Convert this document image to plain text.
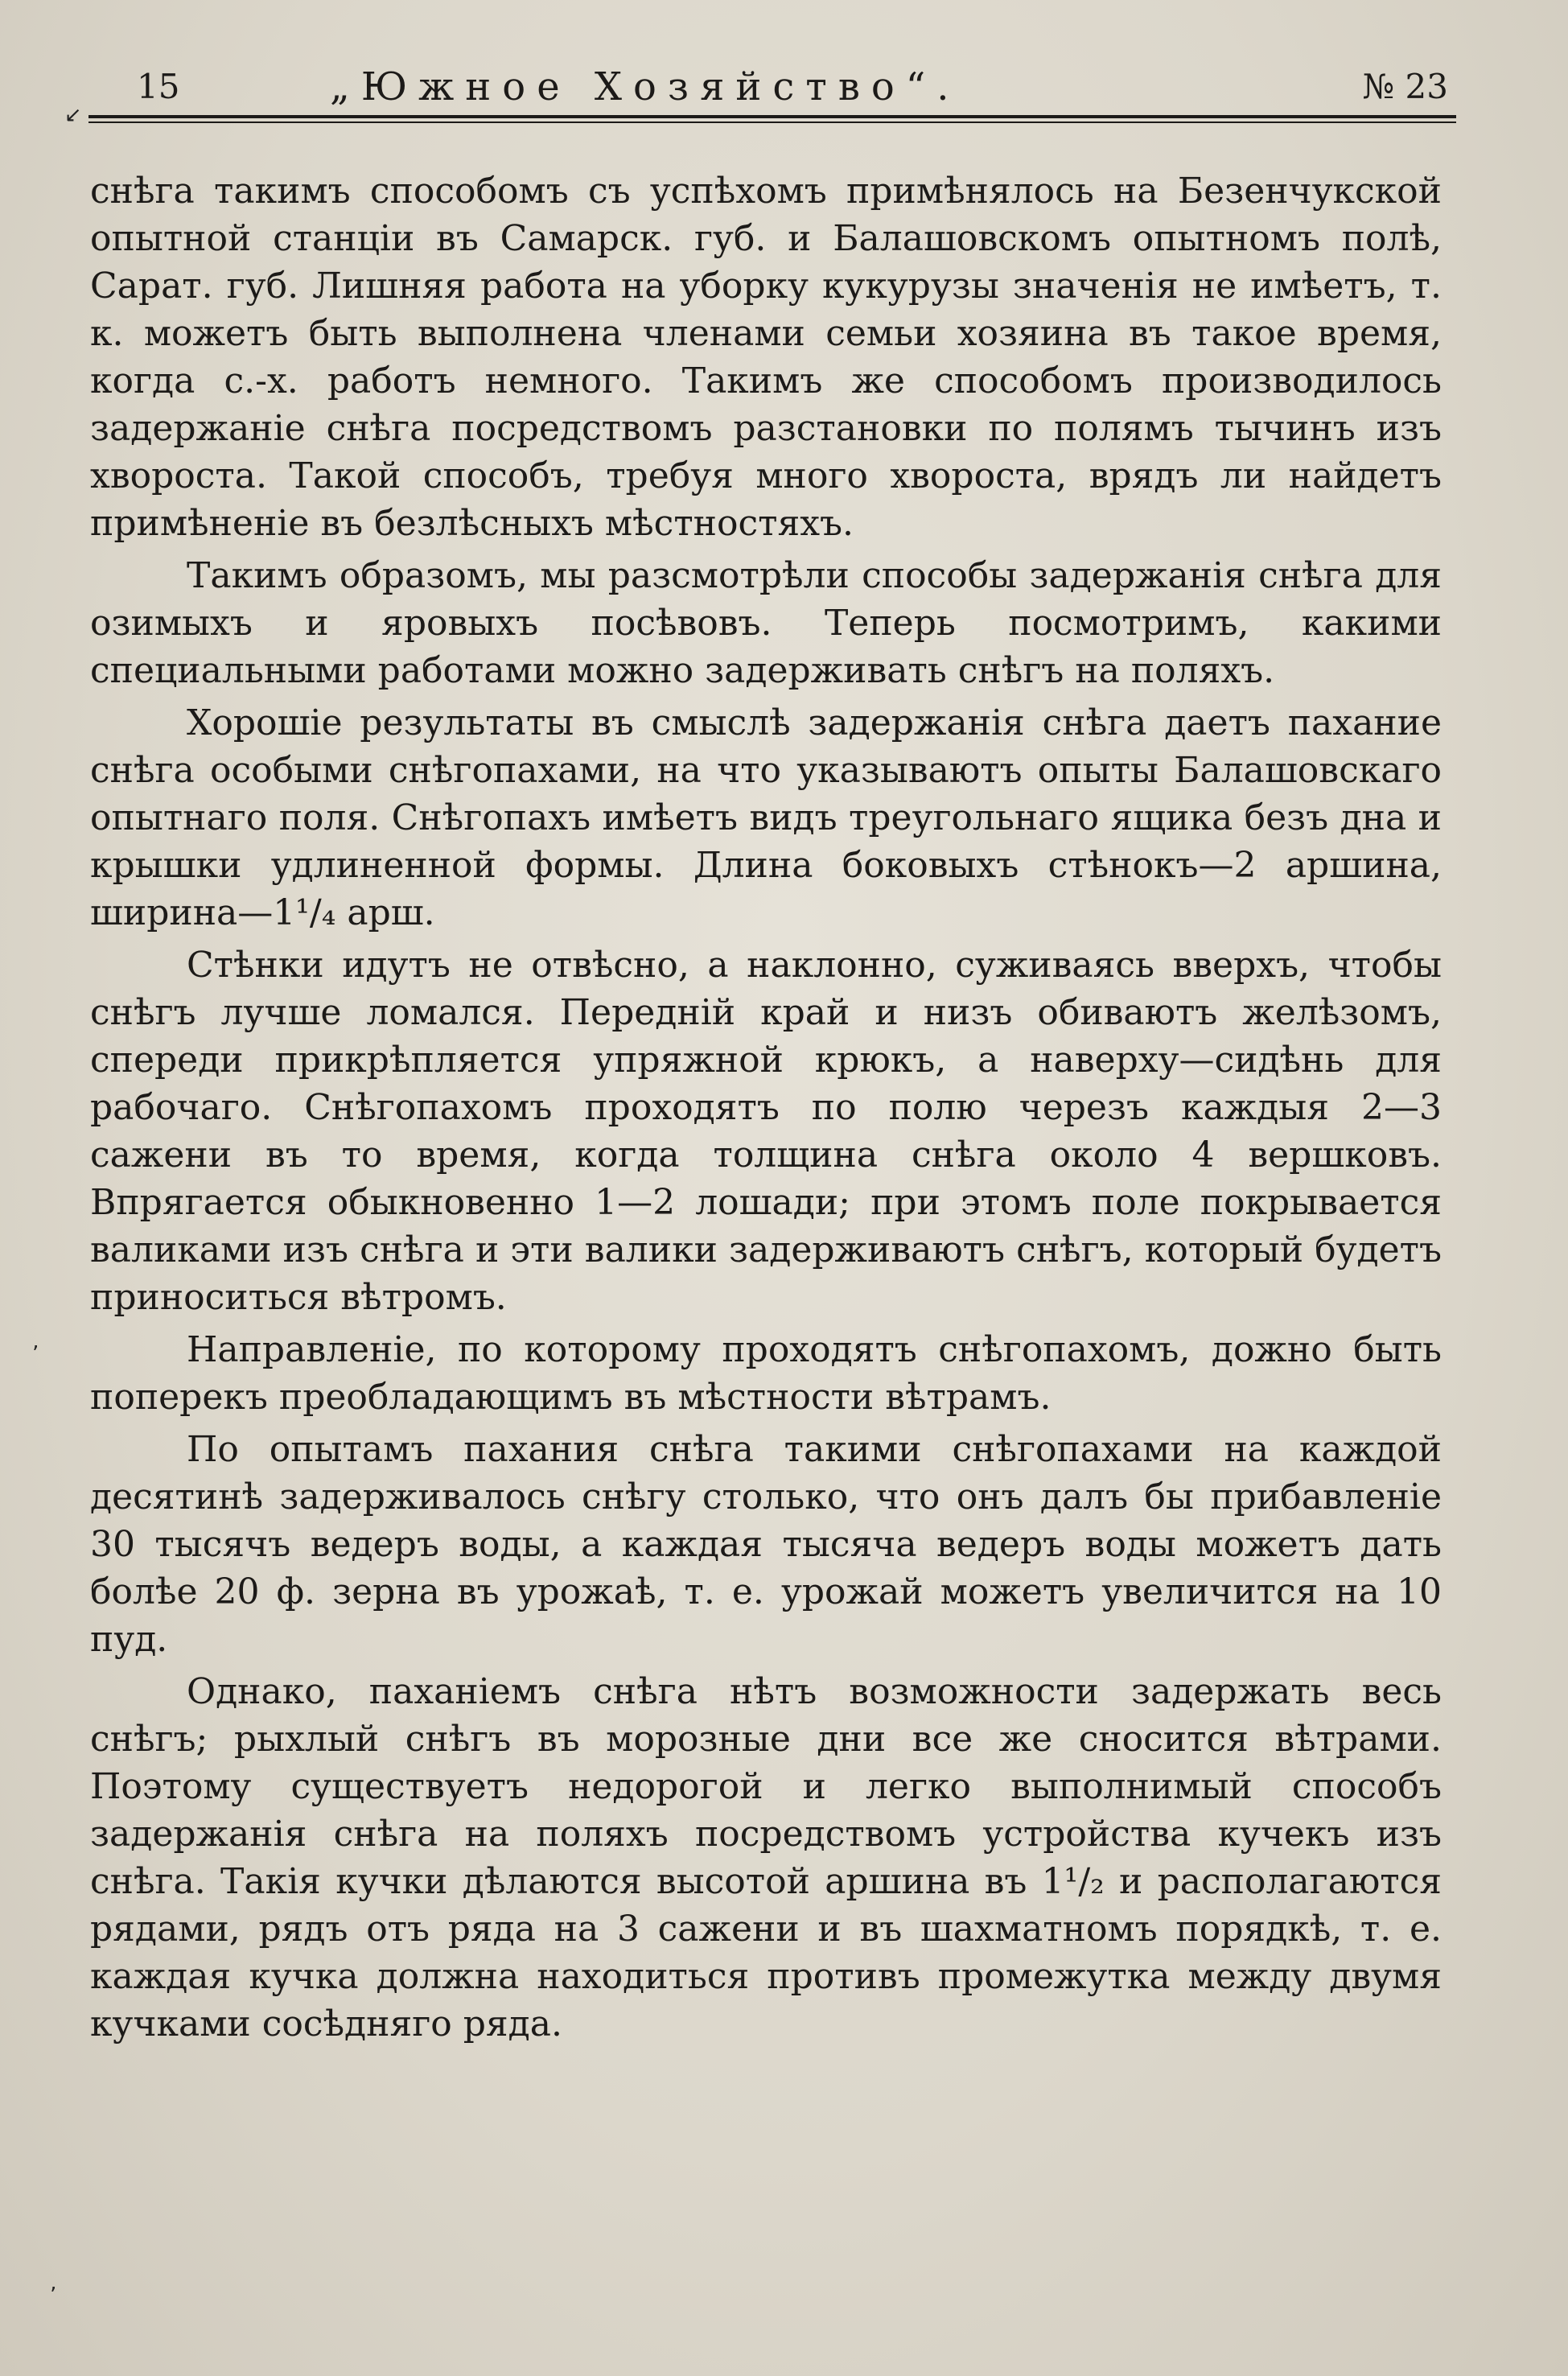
15	„Южное Хозяйство“.	№ 23

снѣга такимъ способомъ съ успѣхомъ примѣнялось на Безенчукской опытной станціи въ Самарск. губ. и Балашовскомъ опытномъ полѣ, Сарат. губ. Лишняя работа на уборку кукурузы значенія не имѣетъ, т. к. можетъ быть выполнена членами семьи хозяина въ такое время, когда с.-х. работъ немного. Такимъ же способомъ производилось задержаніе снѣга посредствомъ разстановки по полямъ тычинъ изъ хвороста. Такой способъ, требуя много хвороста, врядъ ли найдетъ примѣненіе въ безлѣсныхъ мѣстностяхъ.

Такимъ образомъ, мы разсмотрѣли способы задержанія снѣга для озимыхъ и яровыхъ посѣвовъ. Теперь посмотримъ, какими специальными работами можно задерживать снѣгъ на поляхъ.

Хорошіе результаты въ смыслѣ задержанія снѣга даетъ пахание снѣга особыми снѣгопахами, на что указываютъ опыты Балашовскаго опытнаго поля. Снѣгопахъ имѣетъ видъ треугольнаго ящика безъ дна и крышки удлиненной формы. Длина боковыхъ стѣнокъ—2 аршина, ширина—1¹/₄ арш.

Стѣнки идутъ не отвѣсно, а наклонно, суживаясь вверхъ, чтобы снѣгъ лучше ломался. Передній край и низъ обиваютъ желѣзомъ, спереди прикрѣпляется упряжной крюкъ, а наверху—сидѣнь для рабочаго. Снѣгопахомъ проходятъ по полю черезъ каждыя 2—3 сажени въ то время, когда толщина снѣга около 4 вершковъ. Впрягается обыкновенно 1—2 лошади; при этомъ поле покрывается валиками изъ снѣга и эти валики задерживаютъ снѣгъ, который будетъ приноситься вѣтромъ.

Направленіе, по которому проходятъ снѣгопахомъ, дожно быть поперекъ преобладающимъ въ мѣстности вѣтрамъ.

По опытамъ пахания снѣга такими снѣгопахами на каждой десятинѣ задерживалось снѣгу столько, что онъ далъ бы прибавленіе 30 тысячъ ведеръ воды, а каждая тысяча ведеръ воды можетъ дать болѣе 20 ф. зерна въ урожаѣ, т. е. урожай можетъ увеличится на 10 пуд.

Однако, паханіемъ снѣга нѣтъ возможности задержать весь снѣгъ; рыхлый снѣгъ въ морозные дни все же сносится вѣтрами. Поэтому существуетъ недорогой и легко выполнимый способъ задержанія снѣга на поляхъ посредствомъ устройства кучекъ изъ снѣга. Такія кучки дѣлаются высотой аршина въ 1¹/₂ и располагаются рядами, рядъ отъ ряда на 3 сажени и въ шахматномъ порядкѣ, т. е. каждая кучка должна находиться противъ промежутка между двумя кучками сосѣдняго ряда.

↙
ʼ
ʼ
